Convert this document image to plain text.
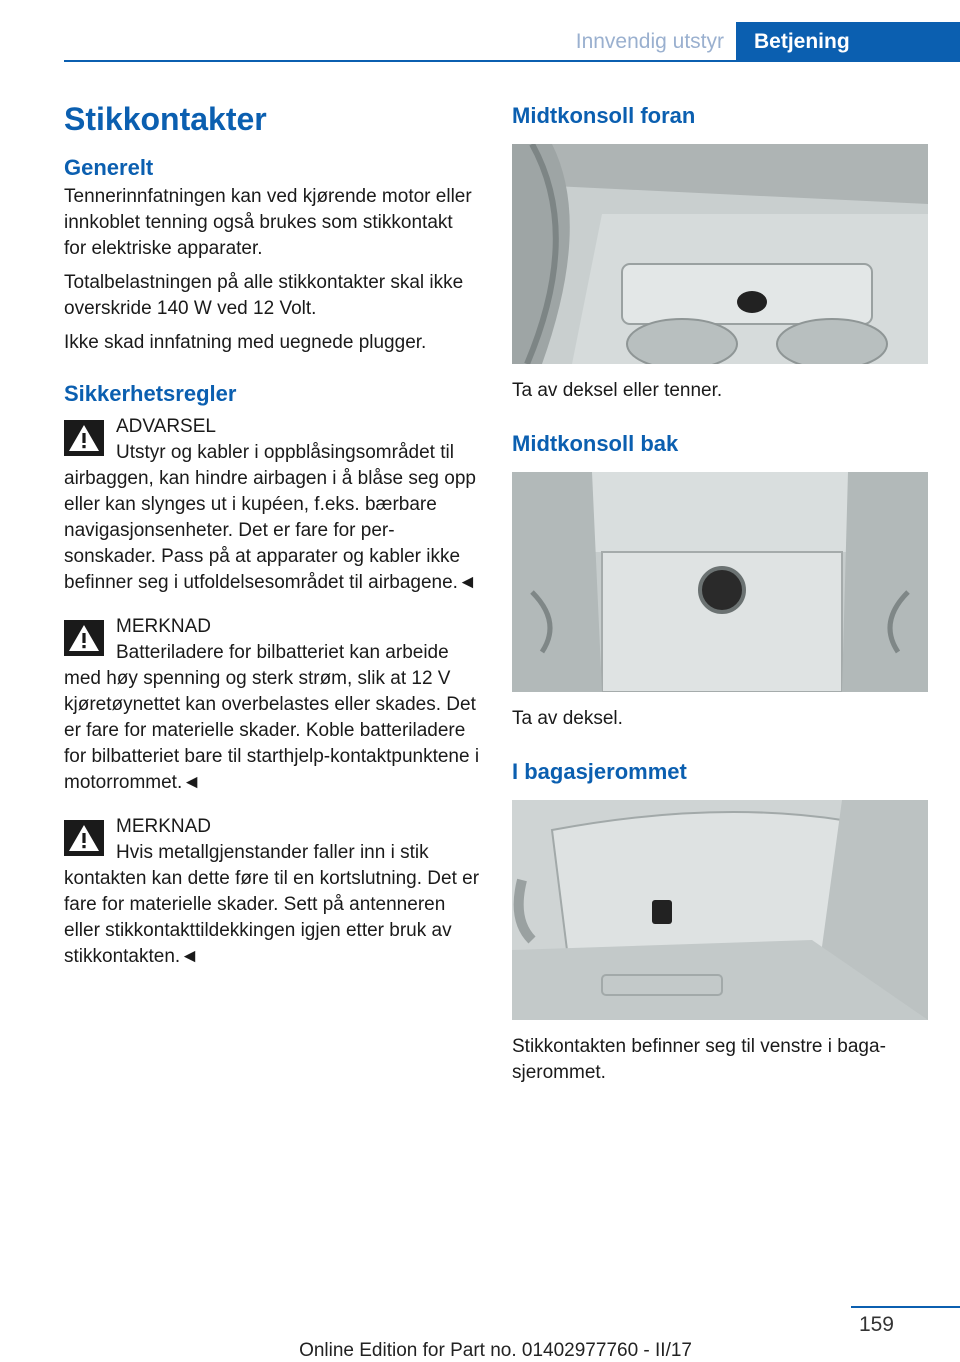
Innvendig utstyr	Betjening
Stikkontakter
Generelt

Tennerinnfatningen kan ved kjørende motor eller innkoblet tenning også brukes som stikkontakt for elektriske apparater.

Totalbelastningen på alle stikkontakter skal ikke overskride 140 W ved 12 Volt.

Ikke skad innfatning med uegnede plugger.

Sikkerhetsregler
ADVARSEL

Utstyr og kabler i oppblåsingsområdet til

airbaggen, kan hindre airbagen i å blåse seg opp eller kan slynges ut i kupéen, f.eks. bærbare navigasjonsenheter. Det er fare for personskader. Pass på at apparater og kabler ikke befinner seg i utfoldelsesområdet til airbagene.◄

MERKNAD

Batteriladere for bilbatteriet kan arbeide

med høy spenning og sterk strøm, slik at 12 V kjøretøynettet kan overbelastes eller skades. Det er fare for materielle skader. Koble batteriladere for bilbatteriet bare til starthjelp-kontaktpunktene i motorrommet.◄

MERKNAD

Hvis metallgjenstander faller inn i stik

kontakten kan dette føre til en kortslutning. Det er fare for materielle skader. Sett på antenneren eller stikkontakttildekkingen igjen etter bruk av stikkontakten.◄

Midtkonsoll foran

Ta av deksel eller tenner.

Midtkonsoll bak

Ta av deksel.

I bagasjerommet

Stikkontakten befinner seg til venstre i bagasjerommet.

159
Online Edition for Part no. 01402977760 - II/17
